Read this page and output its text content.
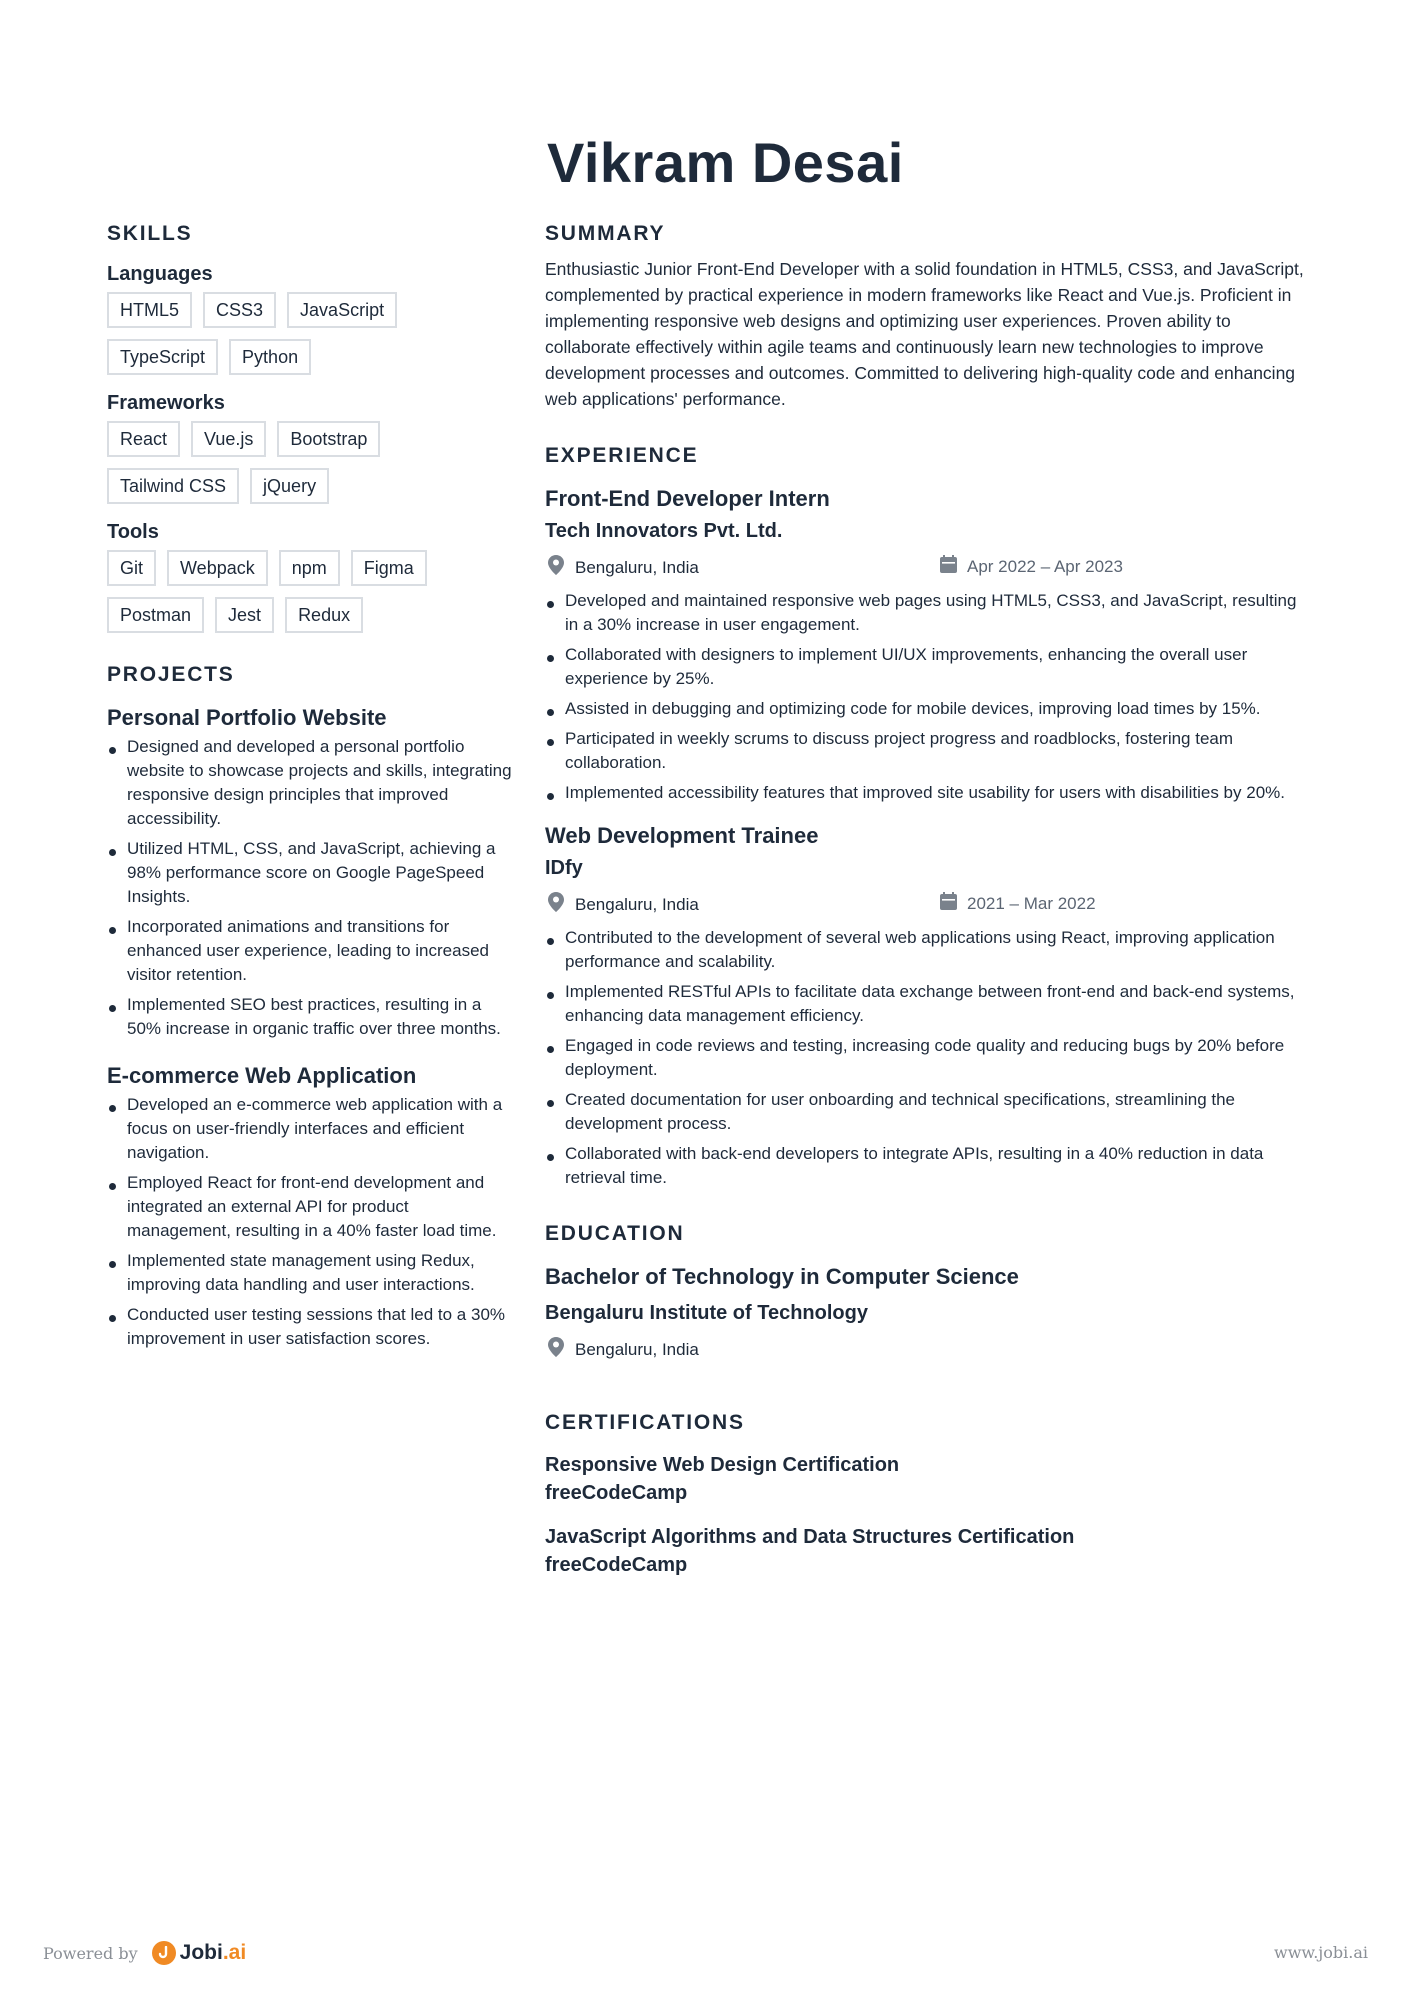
Vikram Desai
SKILLS
Languages
HTML5	CSS3	JavaScript
TypeScript	Python
Frameworks
React	Vue.js	Bootstrap
Tailwind CSS	jQuery
Tools
Git	Webpack	npm	Figma
Postman	Jest	Redux
PROJECTS
Personal Portfolio Website
Designed and developed a personal portfolio website to showcase projects and skills, integrating responsive design principles that improved accessibility.
Utilized HTML, CSS, and JavaScript, achieving a 98% performance score on Google PageSpeed Insights.
Incorporated animations and transitions for enhanced user experience, leading to increased visitor retention.
Implemented SEO best practices, resulting in a 50% increase in organic traffic over three months.
E-commerce Web Application
Developed an e-commerce web application with a focus on user-friendly interfaces and efficient navigation.
Employed React for front-end development and integrated an external API for product management, resulting in a 40% faster load time.
Implemented state management using Redux, improving data handling and user interactions.
Conducted user testing sessions that led to a 30% improvement in user satisfaction scores.
SUMMARY

Enthusiastic Junior Front-End Developer with a solid foundation in HTML5, CSS3, and JavaScript, complemented by practical experience in modern frameworks like React and Vue.js. Proficient in implementing responsive web designs and optimizing user experiences. Proven ability to collaborate effectively within agile teams and continuously learn new technologies to improve development processes and outcomes. Committed to delivering high-quality code and enhancing web applications' performance.

EXPERIENCE
Front-End Developer Intern
Tech Innovators Pvt. Ltd.
Bengaluru, India	Apr 2022 – Apr 2023
Developed and maintained responsive web pages using HTML5, CSS3, and JavaScript, resulting in a 30% increase in user engagement.
Collaborated with designers to implement UI/UX improvements, enhancing the overall user experience by 25%.
Assisted in debugging and optimizing code for mobile devices, improving load times by 15%.
Participated in weekly scrums to discuss project progress and roadblocks, fostering team collaboration.
Implemented accessibility features that improved site usability for users with disabilities by 20%.
Web Development Trainee
IDfy
Bengaluru, India	2021 – Mar 2022
Contributed to the development of several web applications using React, improving application performance and scalability.
Implemented RESTful APIs to facilitate data exchange between front-end and back-end systems, enhancing data management efficiency.
Engaged in code reviews and testing, increasing code quality and reducing bugs by 20% before deployment.
Created documentation for user onboarding and technical specifications, streamlining the development process.
Collaborated with back-end developers to integrate APIs, resulting in a 40% reduction in data retrieval time.
EDUCATION
Bachelor of Technology in Computer Science
Bengaluru Institute of Technology
Bengaluru, India
CERTIFICATIONS
Responsive Web Design Certification
freeCodeCamp
JavaScript Algorithms and Data Structures Certification
freeCodeCamp
Powered by Jobi .ai	www.jobi.ai
